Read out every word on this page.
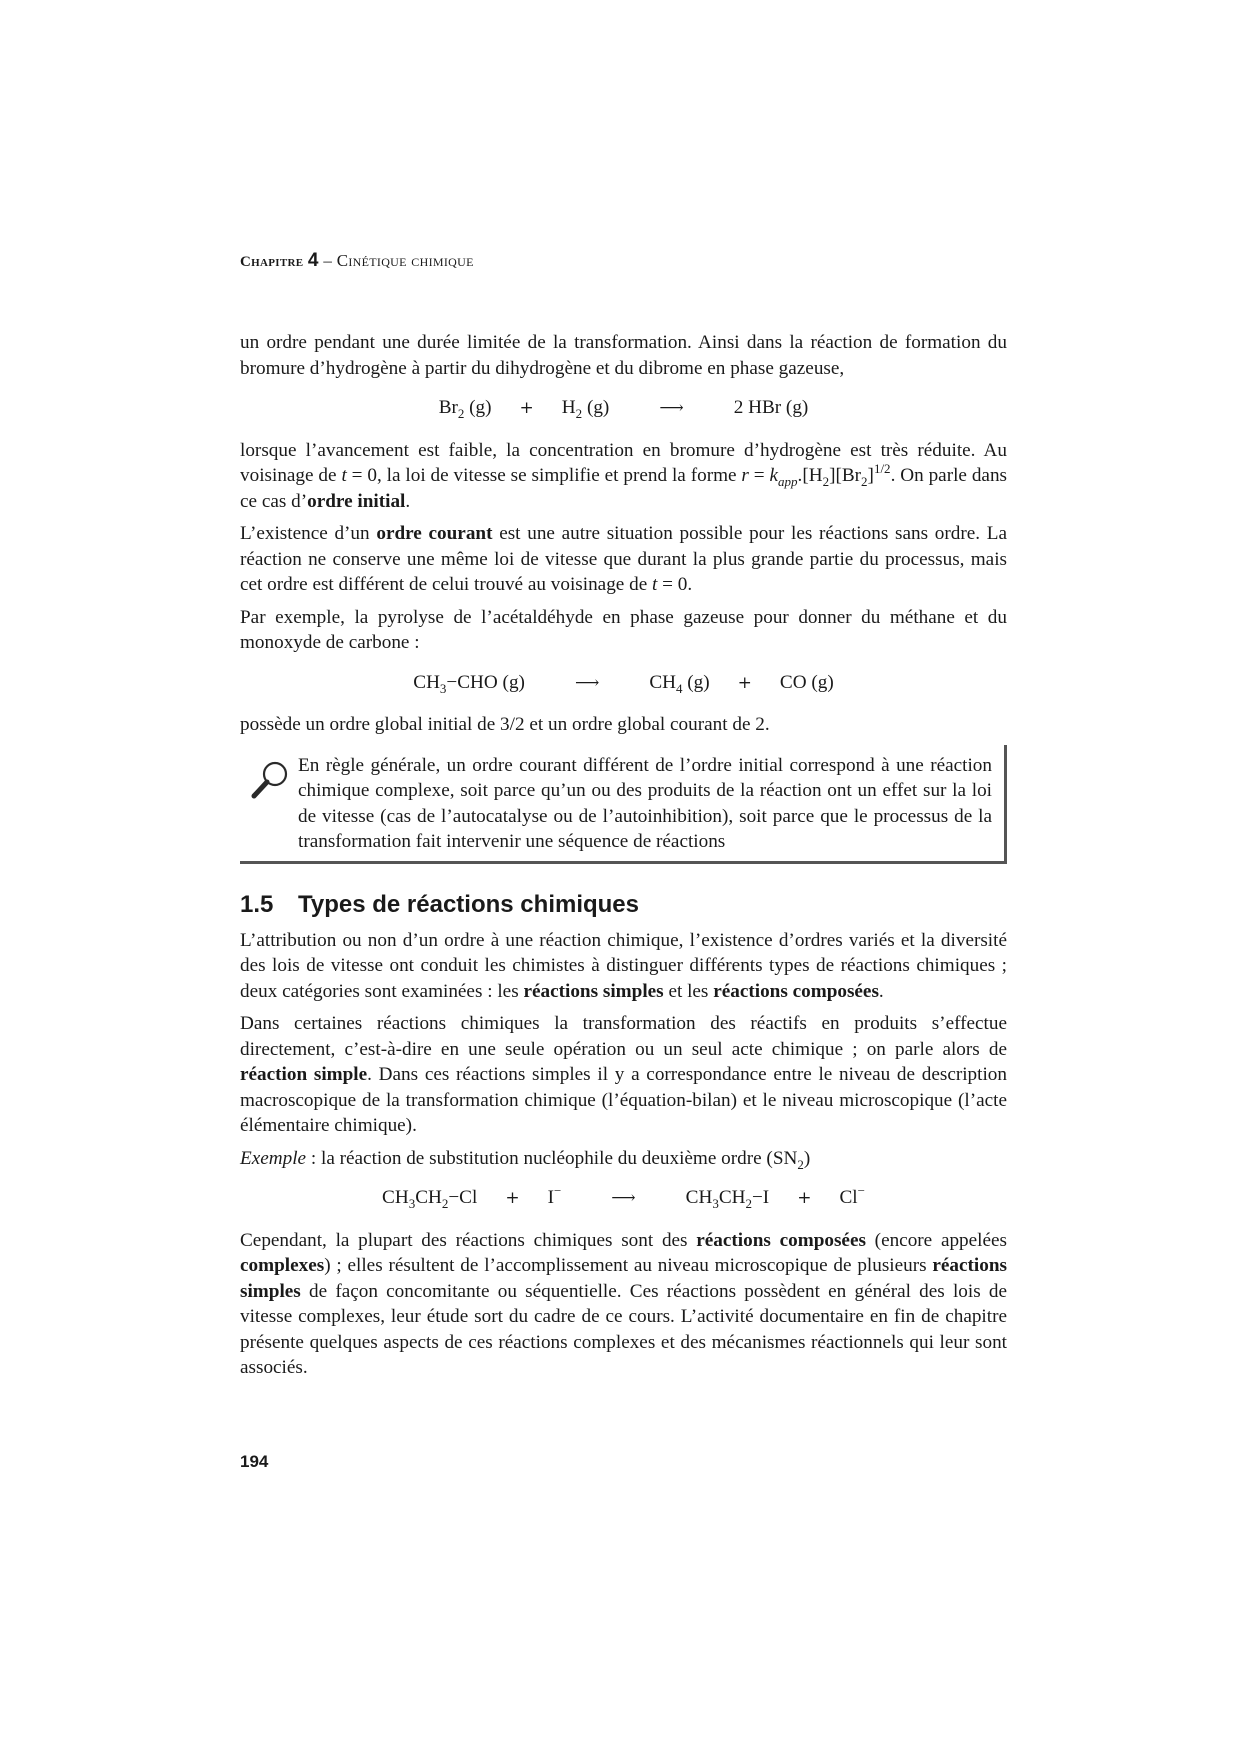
Chapitre 4 – Cinétique chimique

un ordre pendant une durée limitée de la transformation. Ainsi dans la réaction de formation du bromure d’hydrogène à partir du dihydrogène et du dibrome en phase gazeuse,

$Br_2$ $(g) + H_2$ (g)	⟶	2 HBr (g)

lorsque l’avancement est faible, la concentration en bromure d’hydrogène est très réduite. Au voisinage de t = 0, la loi de vitesse se simplifie et prend la forme $r = k_{app}.[H_2][Br_2]^{1/2}$. On parle dans ce cas d’ordre initial.

L’existence d’un ordre courant est une autre situation possible pour les réactions sans ordre. La réaction ne conserve une même loi de vitesse que durant la plus grande partie du processus, mais cet ordre est différent de celui trouvé au voisinage de t = 0.

Par exemple, la pyrolyse de l’acétaldéhyde en phase gazeuse pour donner du méthane et du monoxyde de carbone :

$CH_3-CHO$ (g)	⟶	$CH_4$ (g) + CO (g)

possède un ordre global initial de 3/2 et un ordre global courant de 2.

En règle générale, un ordre courant différent de l’ordre initial correspond à une réaction chimique complexe, soit parce qu’un ou des produits de la réaction ont un effet sur la loi de vitesse (cas de l’autocatalyse ou de l’autoinhibition), soit parce que le processus de la transformation fait intervenir une séquence de réactions

1.5 Types de réactions chimiques

L’attribution ou non d’un ordre à une réaction chimique, l’existence d’ordres variés et la diversité des lois de vitesse ont conduit les chimistes à distinguer différents types de réactions chimiques ; deux catégories sont examinées : les réactions simples et les réactions composées.

Dans certaines réactions chimiques la transformation des réactifs en produits s’effectue directement, c’est-à-dire en une seule opération ou un seul acte chimique ; on parle alors de réaction simple. Dans ces réactions simples il y a correspondance entre le niveau de description macroscopique de la transformation chimique (l’équation-bilan) et le niveau microscopique (l’acte élémentaire chimique).

Exemple : la réaction de substitution nucléophile du deuxième ordre $(SN_2)$

$CH_3CH_2-Cl + I^-$	⟶	$CH_3CH_2-I + Cl^-$

Cependant, la plupart des réactions chimiques sont des réactions composées (encore appelées complexes) ; elles résultent de l’accomplissement au niveau microscopique de plusieurs réactions simples de façon concomitante ou séquentielle. Ces réactions possèdent en général des lois de vitesse complexes, leur étude sort du cadre de ce cours. L’activité documentaire en fin de chapitre présente quelques aspects de ces réactions complexes et des mécanismes réactionnels qui leur sont associés.

194
